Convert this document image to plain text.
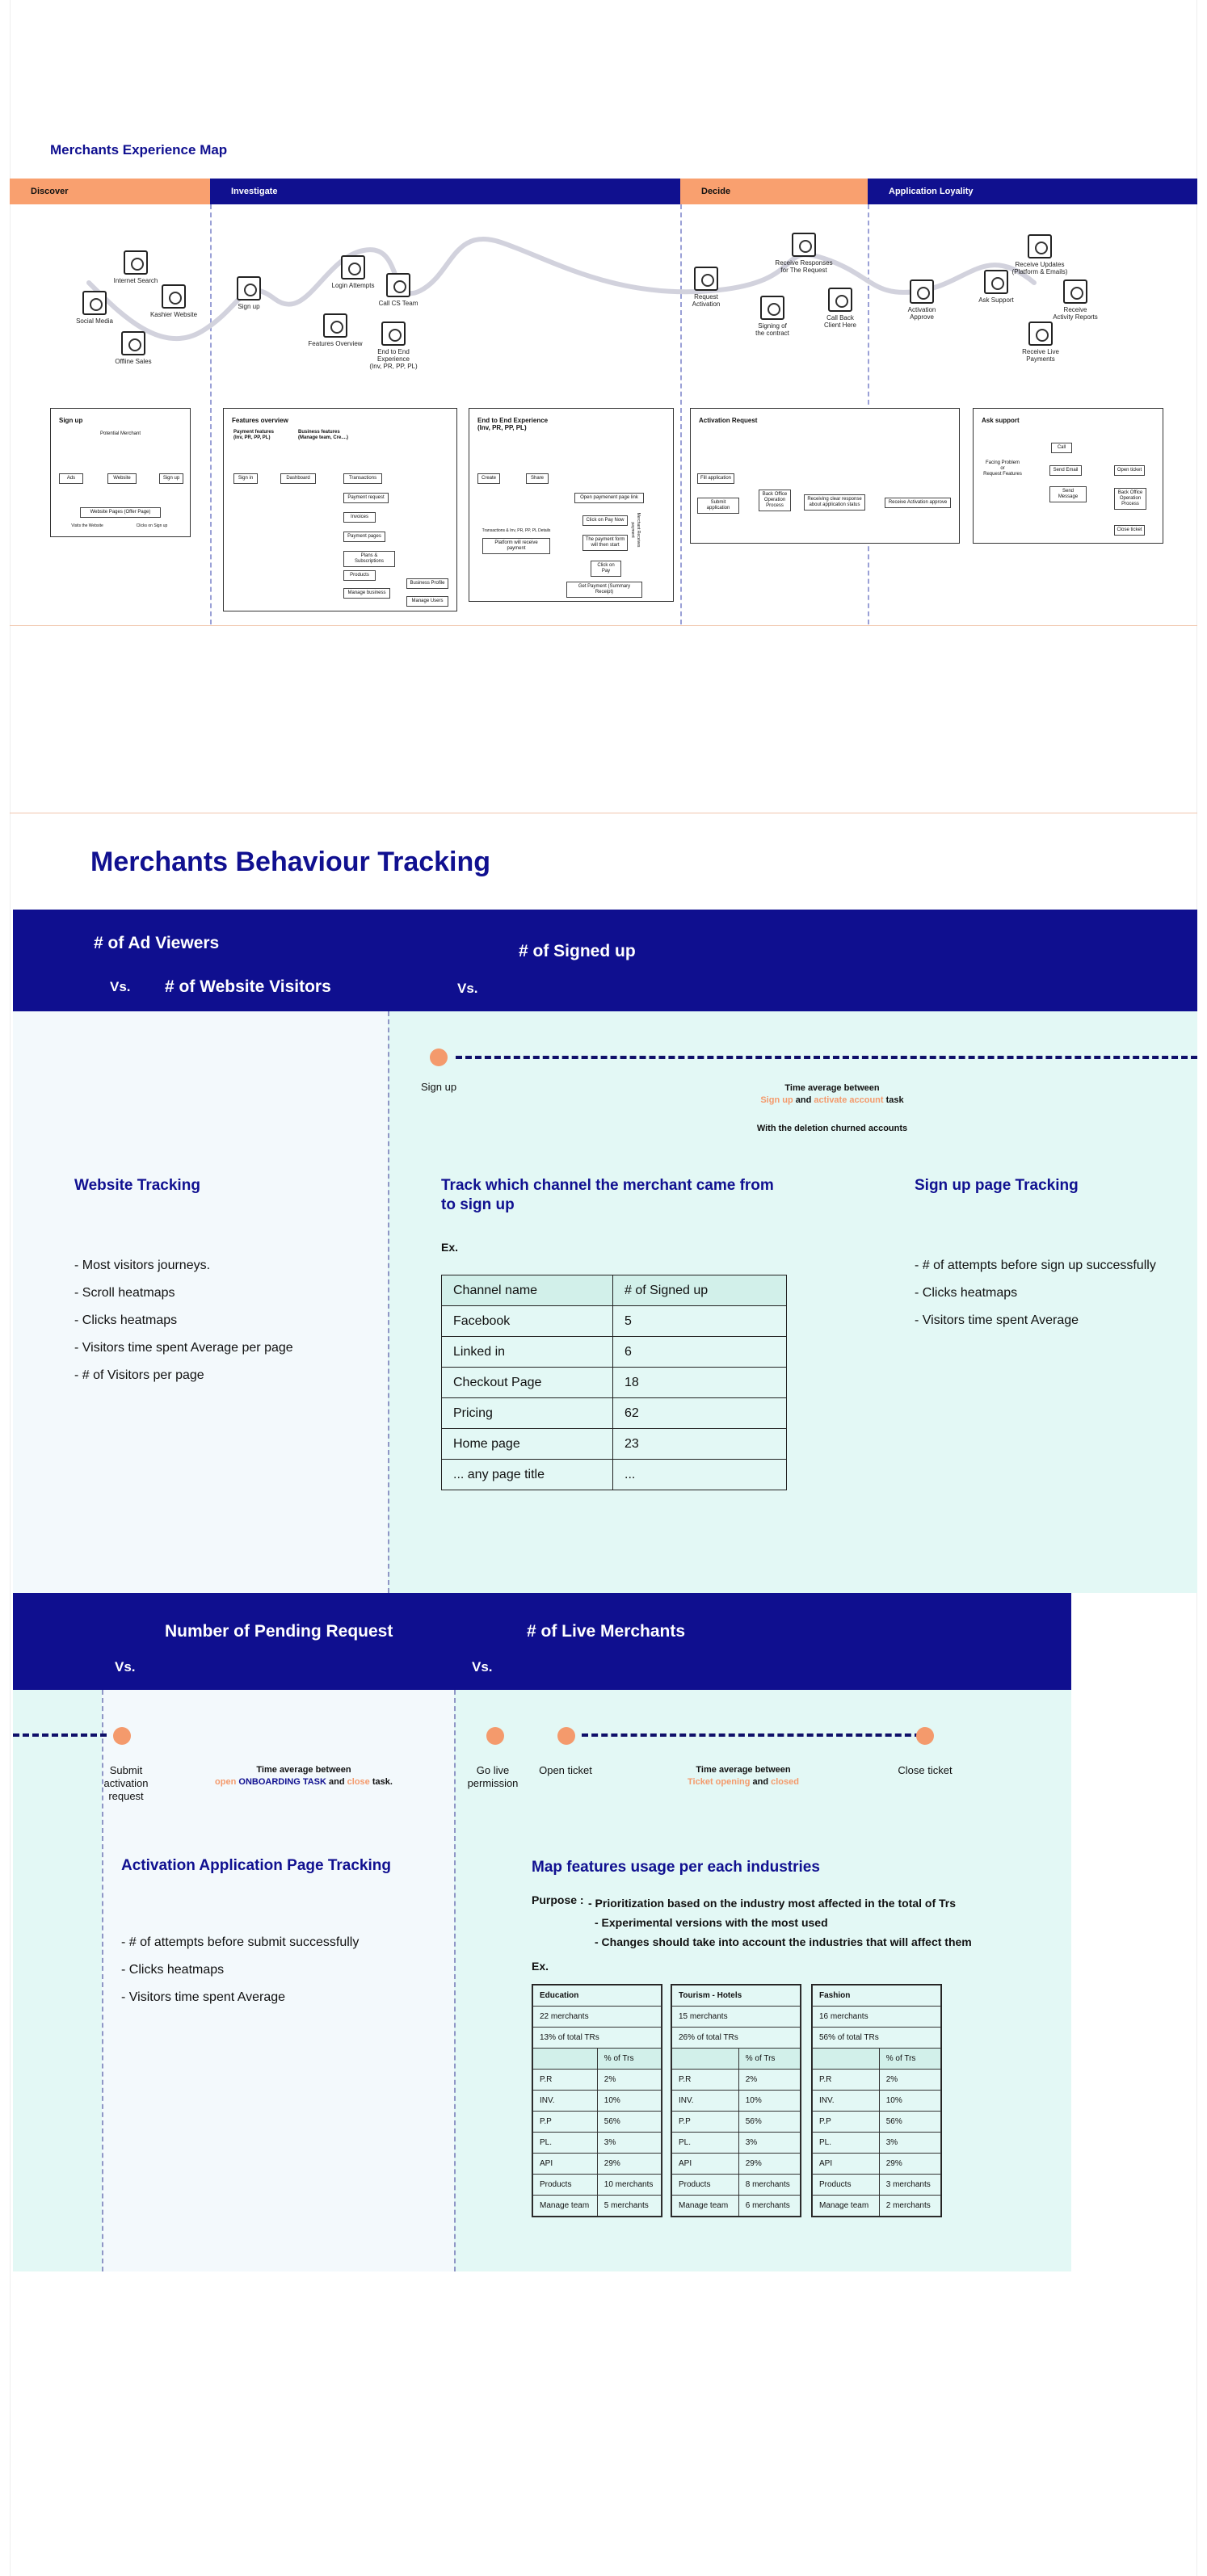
Merchants Experience Map
Discover	Investigate	Decide	Application Loyality
Social Media
Internet Search
Kashier Website
Offline Sales
Sign up
Login Attempts
Features Overview
Call CS Team
End to End Experience
(Inv, PR, PP, PL)
Request Activation
Receive Responses
for The Request
Signing of
the contract
Call Back
Client Here
Activation
Approve
Ask Support
Receive Updates
(Platform & Emails)
Receive
Activity Reports
Receive Live
Payments
Sign up
Potential Merchant
Ads	Website	Sign up
Website Pages (Offer Page)
Visits the Website	Clicks on Sign up
Features overview
Payment features
(Inv, PR, PP, PL)
Business features
(Manage team, Cre....)
Sign in	Dashboard	Transactions
Payment request
Invoices
Payment pages
Plans & Subscriptions
Products
Manage business
Business Profile
Manage Users
End to End Experience
(Inv, PR, PP, PL)
Create	Share
Open paymenent page link
Click on Pay Now
The payment form will then start
Click on Pay
Get Payment (Summary Receipt)
Transactions & Inv, PR, PP, PL Details
Platform will receive payment
Merchant Receives payment
Activation Request
Fill application
Submit application
Back Office Operation Process
Receiving clear response about application status	Receive Activation approve
Ask support
Facing Problem
or
Request Features
Call
Send Email
Send Message
Open ticket
Back Office Operation Process
Close ticket
Merchants Behaviour Tracking
# of Ad Viewers
Vs. # of Website Visitors	Vs.
# of Signed up
Sign up	Time average between
Sign up and activate account task
With the deletion churned accounts
Website Tracking
- Most visitors journeys.
- Scroll heatmaps
- Clicks heatmaps
- Visitors time spent Average per page
- # of Visitors per page
Track which channel the merchant came from to sign up
Ex.
Channel name	# of Signed up
Facebook	5
Linked in	6
Checkout Page	18
Pricing	62
Home page	23
... any page title	...
Sign up page Tracking
- # of attempts before sign up successfully
- Clicks heatmaps
- Visitors time spent Average
Vs.
Number of Pending Request
Vs.
# of Live Merchants
Submit
activation
request
Go live
permission
Open ticket	Close ticket
Time average between
open ONBOARDING TASK and close task.
Time average between
Ticket opening and closed
Activation Application Page Tracking
- # of attempts before submit successfully
- Clicks heatmaps
- Visitors time spent Average
Map features usage per each industries
Purpose : - Prioritization based on the industry most affected in the total of Trs
- Experimental versions with the most used
- Changes should take into account the industries that will affect them
Ex.
Education	
22 merchants	
13% of total TRs	
	% of Trs
P.R	2%
INV.	10%
P.P	56%
PL.	3%
API	29%
Products	10 merchants
Manage team	5 merchants
Tourism - Hotels	
15 merchants	
26% of total TRs	
	% of Trs
P.R	2%
INV.	10%
P.P	56%
PL.	3%
API	29%
Products	8 merchants
Manage team	6 merchants
Fashion	
16 merchants	
56% of total TRs	
	% of Trs
P.R	2%
INV.	10%
P.P	56%
PL.	3%
API	29%
Products	3 merchants
Manage team	2 merchants
